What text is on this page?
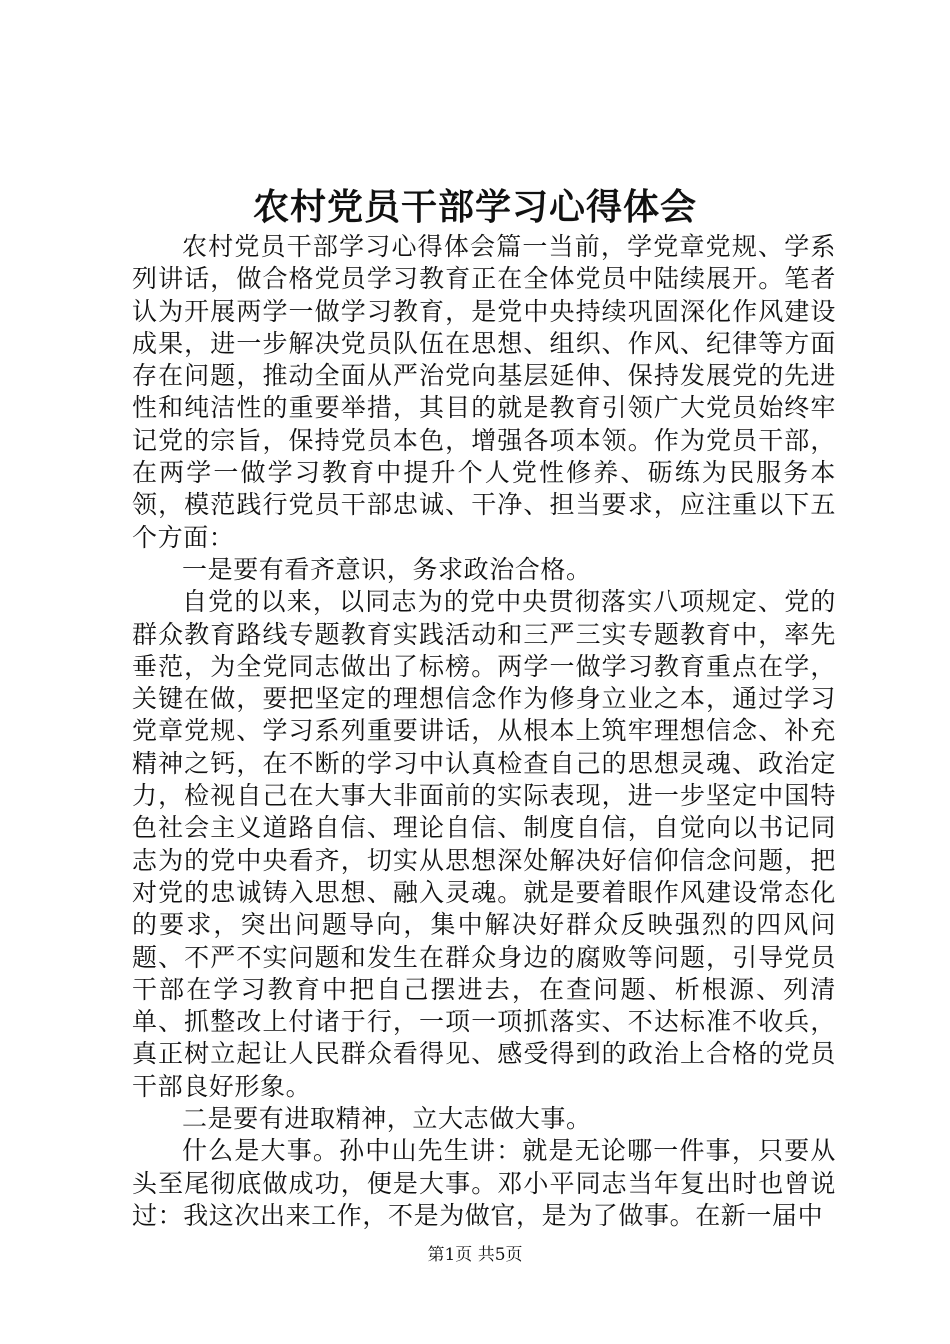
农村党员干部学习心得体会

农村党员干部学习心得体会篇一当前，学党章党规、学系列讲话，做合格党员学习教育正在全体党员中陆续展开。笔者认为开展两学一做学习教育，是党中央持续巩固深化作风建设成果，进一步解决党员队伍在思想、组织、作风、纪律等方面存在问题，推动全面从严治党向基层延伸、保持发展党的先进性和纯洁性的重要举措，其目的就是教育引领广大党员始终牢记党的宗旨，保持党员本色，增强各项本领。作为党员干部，在两学一做学习教育中提升个人党性修养、砺练为民服务本领，模范践行党员干部忠诚、干净、担当要求，应注重以下五个方面：

一是要有看齐意识，务求政治合格。

自党的以来，以同志为的党中央贯彻落实八项规定、党的群众教育路线专题教育实践活动和三严三实专题教育中，率先垂范，为全党同志做出了标榜。两学一做学习教育重点在学，关键在做，要把坚定的理想信念作为修身立业之本，通过学习党章党规、学习系列重要讲话，从根本上筑牢理想信念、补充精神之钙，在不断的学习中认真检查自己的思想灵魂、政治定力，检视自己在大事大非面前的实际表现，进一步坚定中国特色社会主义道路自信、理论自信、制度自信，自觉向以书记同志为的党中央看齐，切实从思想深处解决好信仰信念问题，把对党的忠诚铸入思想、融入灵魂。就是要着眼作风建设常态化的要求，突出问题导向，集中解决好群众反映强烈的四风问题、不严不实问题和发生在群众身边的腐败等问题，引导党员干部在学习教育中把自己摆进去，在查问题、析根源、列清单、抓整改上付诸于行，一项一项抓落实、不达标准不收兵，真正树立起让人民群众看得见、感受得到的政治上合格的党员干部良好形象。

二是要有进取精神，立大志做大事。

什么是大事。孙中山先生讲：就是无论哪一件事，只要从头至尾彻底做成功，便是大事。邓小平同志当年复出时也曾说过：我这次出来工作，不是为做官，是为了做事。在新一届中

第1页 共5页
